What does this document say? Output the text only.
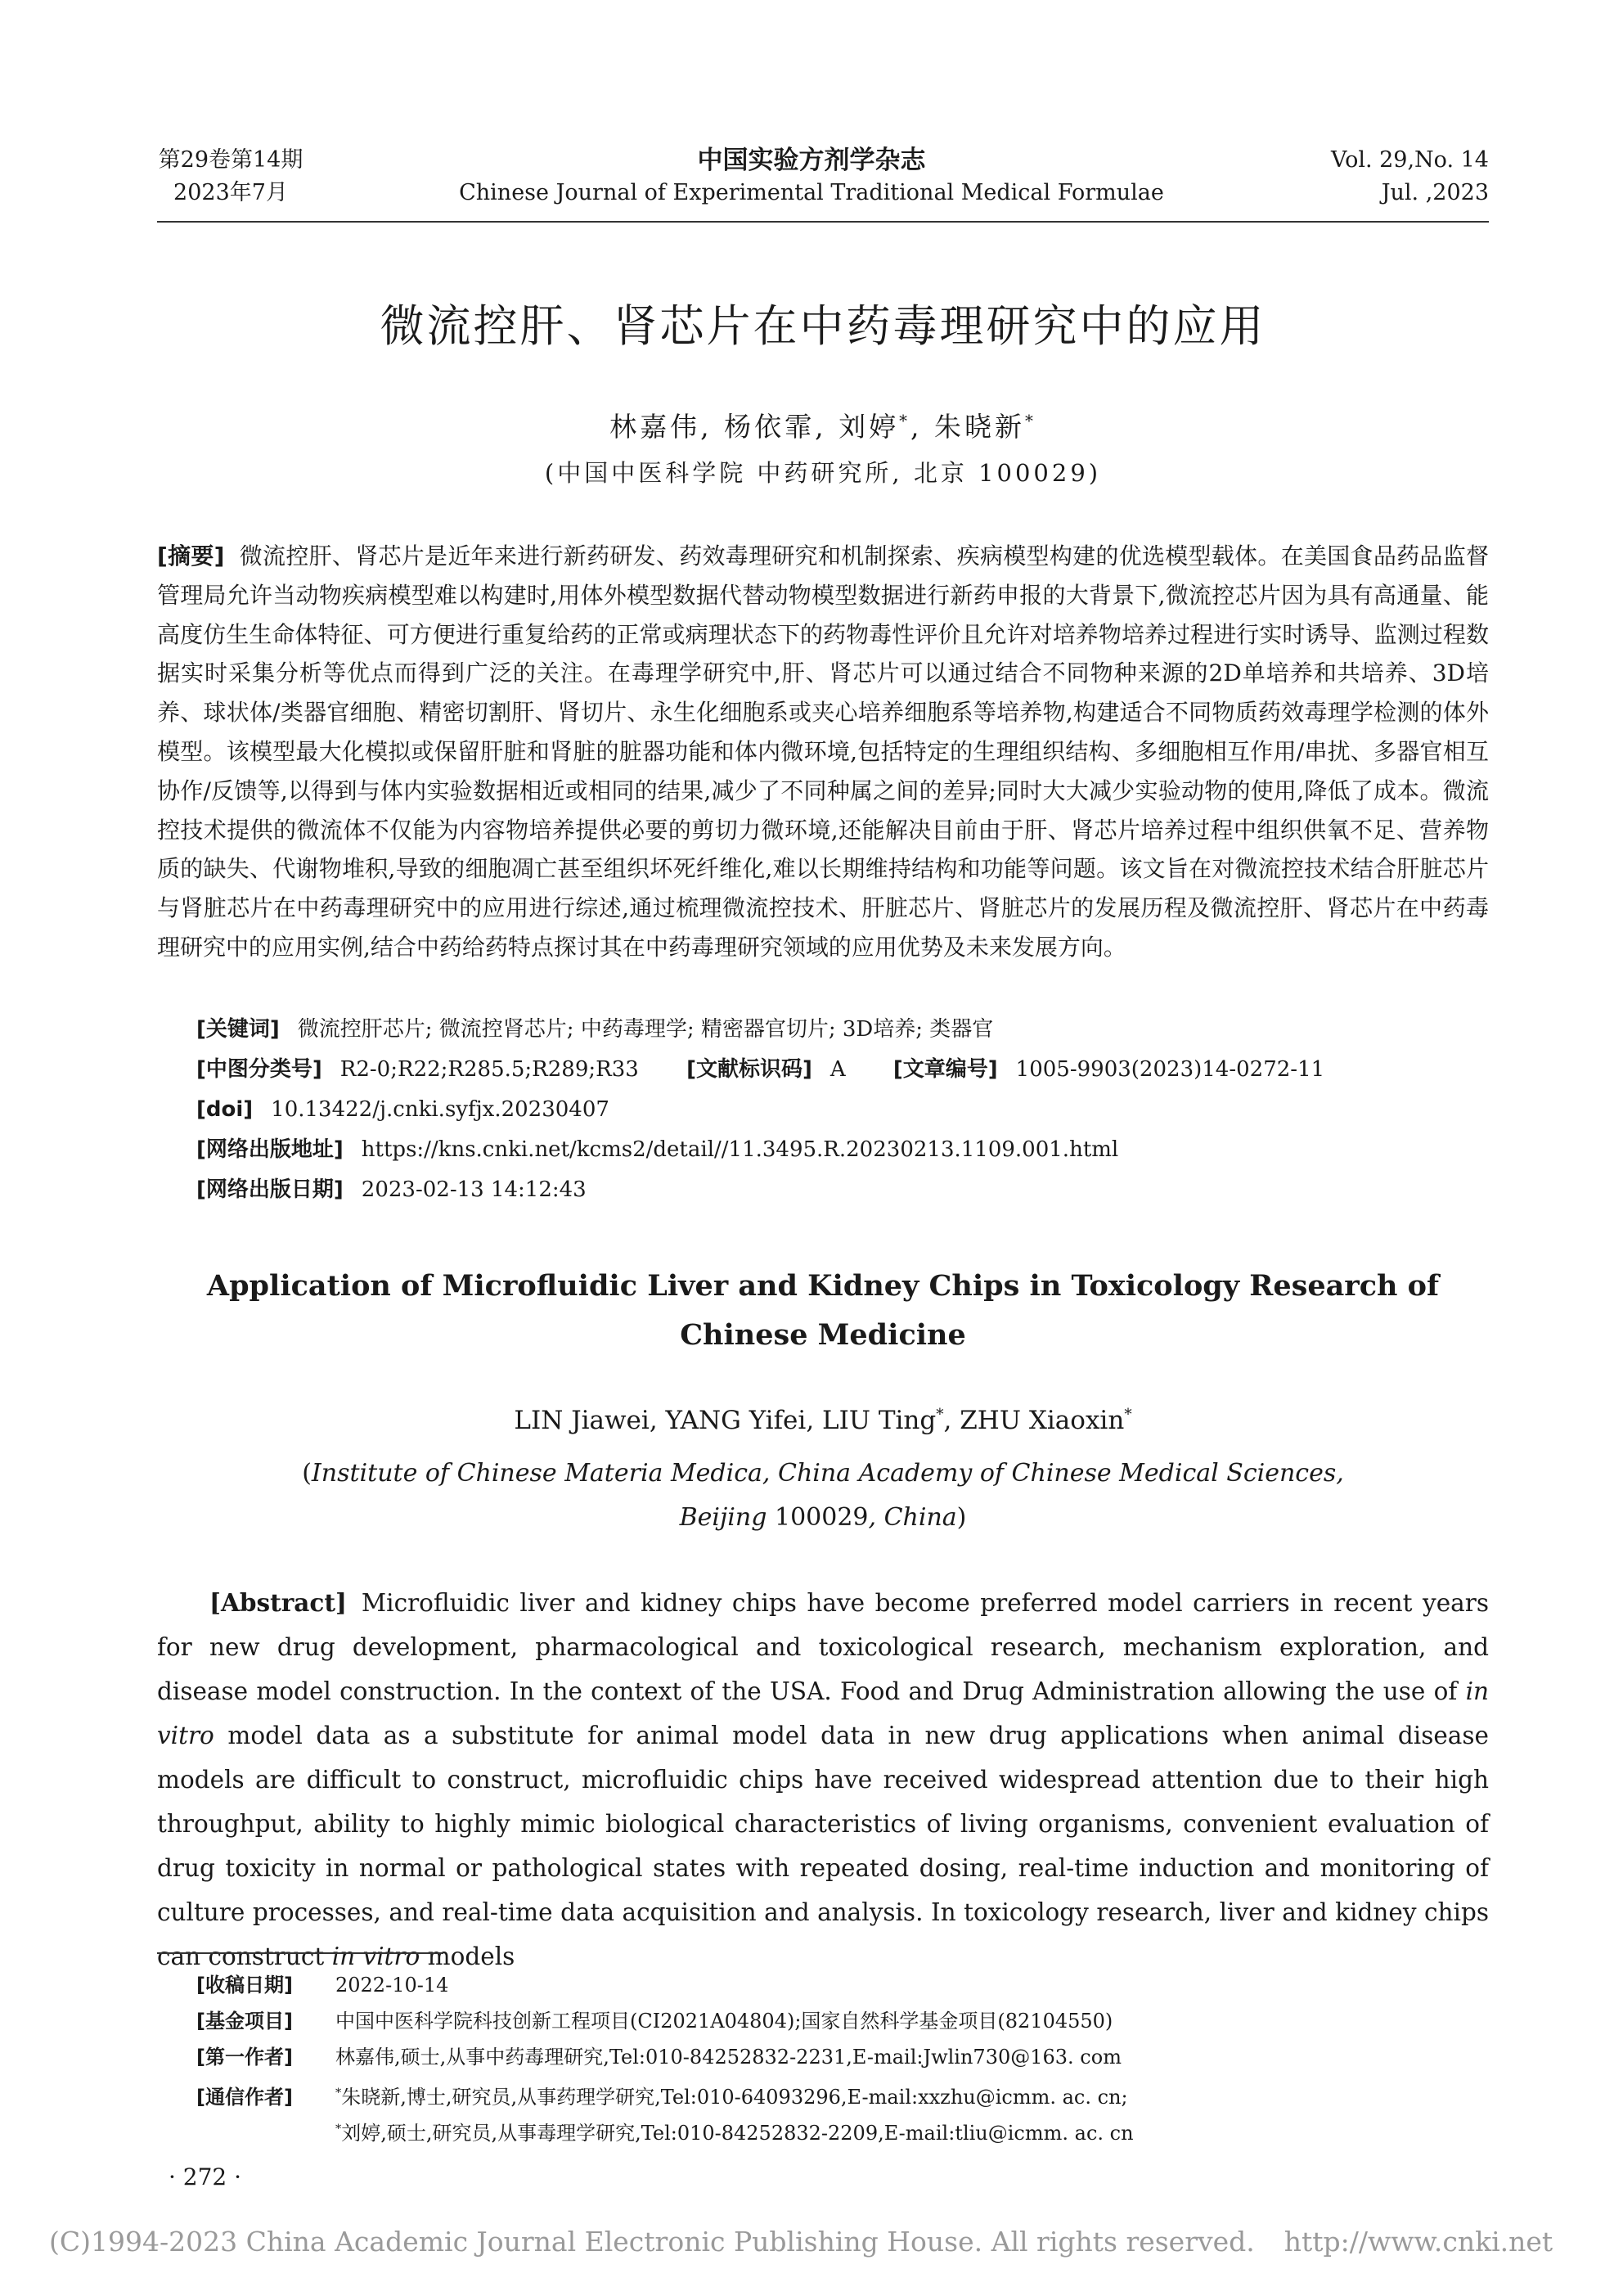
第29卷第14期
2023年7月
中国实验方剂学杂志
Chinese Journal of Experimental Traditional Medical Formulae
Vol. 29,No. 14
Jul. ,2023
微流控肝、肾芯片在中药毒理研究中的应用
林嘉伟, 杨依霏, 刘婷*, 朱晓新*
(中国中医科学院 中药研究所, 北京 100029)
[摘要] 微流控肝、肾芯片是近年来进行新药研发、药效毒理研究和机制探索、疾病模型构建的优选模型载体。在美国食品药品监督管理局允许当动物疾病模型难以构建时,用体外模型数据代替动物模型数据进行新药申报的大背景下,微流控芯片因为具有高通量、能高度仿生生命体特征、可方便进行重复给药的正常或病理状态下的药物毒性评价且允许对培养物培养过程进行实时诱导、监测过程数据实时采集分析等优点而得到广泛的关注。在毒理学研究中,肝、肾芯片可以通过结合不同物种来源的2D单培养和共培养、3D培养、球状体/类器官细胞、精密切割肝、肾切片、永生化细胞系或夹心培养细胞系等培养物,构建适合不同物质药效毒理学检测的体外模型。该模型最大化模拟或保留肝脏和肾脏的脏器功能和体内微环境,包括特定的生理组织结构、多细胞相互作用/串扰、多器官相互协作/反馈等,以得到与体内实验数据相近或相同的结果,减少了不同种属之间的差异;同时大大减少实验动物的使用,降低了成本。微流控技术提供的微流体不仅能为内容物培养提供必要的剪切力微环境,还能解决目前由于肝、肾芯片培养过程中组织供氧不足、营养物质的缺失、代谢物堆积,导致的细胞凋亡甚至组织坏死纤维化,难以长期维持结构和功能等问题。该文旨在对微流控技术结合肝脏芯片与肾脏芯片在中药毒理研究中的应用进行综述,通过梳理微流控技术、肝脏芯片、肾脏芯片的发展历程及微流控肝、肾芯片在中药毒理研究中的应用实例,结合中药给药特点探讨其在中药毒理研究领域的应用优势及未来发展方向。
[关键词] 微流控肝芯片; 微流控肾芯片; 中药毒理学; 精密器官切片; 3D培养; 类器官
[中图分类号] R2-0;R22;R285.5;R289;R33 [文献标识码] A [文章编号] 1005-9903(2023)14-0272-11
[doi] 10.13422/j.cnki.syfjx.20230407
[网络出版地址] https://kns.cnki.net/kcms2/detail//11.3495.R.20230213.1109.001.html
[网络出版日期] 2023-02-13 14:12:43
Application of Microfluidic Liver and Kidney Chips in Toxicology Research of
Chinese Medicine
LIN Jiawei, YANG Yifei, LIU Ting*, ZHU Xiaoxin*
(Institute of Chinese Materia Medica, China Academy of Chinese Medical Sciences,
Beijing 100029, China)
[Abstract] Microfluidic liver and kidney chips have become preferred model carriers in recent years for new drug development, pharmacological and toxicological research, mechanism exploration, and disease model construction. In the context of the USA. Food and Drug Administration allowing the use of in vitro model data as a substitute for animal model data in new drug applications when animal disease models are difficult to construct, microfluidic chips have received widespread attention due to their high throughput, ability to highly mimic biological characteristics of living organisms, convenient evaluation of drug toxicity in normal or pathological states with repeated dosing, real-time induction and monitoring of culture processes, and real-time data acquisition and analysis. In toxicology research, liver and kidney chips can construct in vitro models
[收稿日期] 2022-10-14
[基金项目] 中国中医科学院科技创新工程项目(CI2021A04804);国家自然科学基金项目(82104550)
[第一作者] 林嘉伟,硕士,从事中药毒理研究,Tel:010-84252832-2231,E-mail:Jwlin730@163. com
[通信作者]	*朱晓新,博士,研究员,从事药理学研究,Tel:010-64093296,E-mail:xxzhu@icmm. ac. cn;
*刘婷,硕士,研究员,从事毒理学研究,Tel:010-84252832-2209,E-mail:tliu@icmm. ac. cn
· 272 ·
(C)1994-2023 China Academic Journal Electronic Publishing House. All rights reserved. http://www.cnki.net
